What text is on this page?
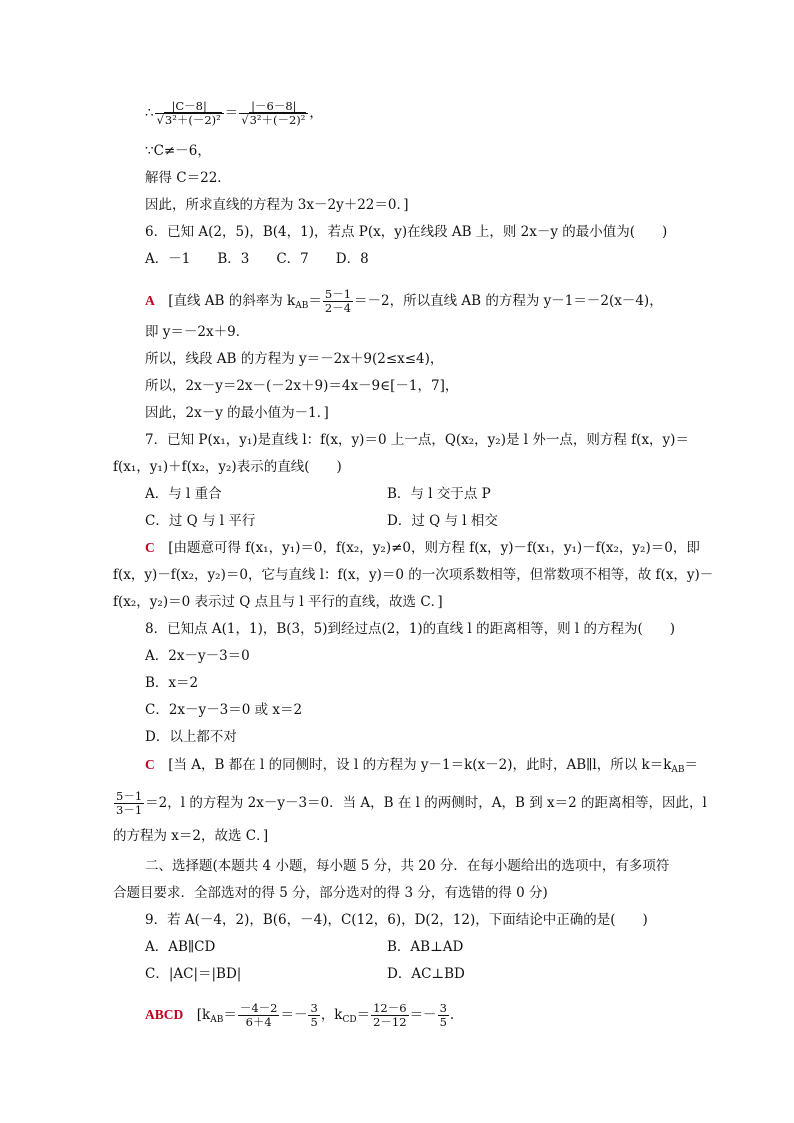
∴ $\frac{|C-8|}{\text{√3²＋(－2)²}} = \frac{|-6-8|}{\text{√3²＋(－2)²}}$ ，
∵C≠－6，
解得 C＝22．
因此，所求直线的方程为 3x－2y＋22＝0．]
6．已知 A(2，5)，B(4，1)，若点 P(x，y)在线段 AB 上，则 2x－y 的最小值为(　　)
A．－1　　B．3　　C．7　　D．8
A　 [直线 AB 的斜率为 $k_{AB}= \frac{5-1}{2-4} =-2$，所以直线 AB 的方程为 y－1＝－2(x－4)，
即 y＝－2x＋9．
所以，线段 AB 的方程为 y＝－2x＋9(2≤x≤4)，
所以，2x－y＝2x－(－2x＋9)＝4x－9∈[－1，7]，
因此，2x－y 的最小值为－1．]
7．已知 P(x₁，y₁)是直线 l：f(x，y)＝0 上一点，Q(x₂，y₂)是 l 外一点，则方程 f(x，y)＝
f(x₁，y₁)＋f(x₂，y₂)表示的直线(　　)
A．与 l 重合	B．与 l 交于点 P
C．过 Q 与 l 平行	D．过 Q 与 l 相交
C　 [由题意可得 f(x₁，y₁)＝0，f(x₂，y₂)≠0，则方程 f(x，y)－f(x₁，y₁)－f(x₂，y₂)＝0，即
f(x，y)－f(x₂，y₂)＝0，它与直线 l：f(x，y)＝0 的一次项系数相等，但常数项不相等，故 f(x，y)－
f(x₂，y₂)＝0 表示过 Q 点且与 l 平行的直线，故选 C．]
8．已知点 A(1，1)，B(3，5)到经过点(2，1)的直线 l 的距离相等，则 l 的方程为(　　)
A．2x－y－3＝0
B．x＝2
C．2x－y－3＝0 或 x＝2
D．以上都不对
C　 [当 A，B 都在 l 的同侧时，设 l 的方程为 y－1＝k(x－2)，此时，AB∥l，所以 $k=k_{AB}=$
$\frac{5-1}{3-1} =2$，l 的方程为 2x－y－3＝0．当 A，B 在 l 的两侧时，A，B 到 x＝2 的距离相等，因此，l
的方程为 x＝2，故选 C．]
二、选择题(本题共 4 小题，每小题 5 分，共 20 分．在每小题给出的选项中，有多项符
合题目要求．全部选对的得 5 分，部分选对的得 3 分，有选错的得 0 分)
9．若 A(－4，2)，B(6，－4)，C(12，6)，D(2，12)，下面结论中正确的是(　　)
A．AB∥CD	B．AB⊥AD
C．|AC|＝|BD|	D．AC⊥BD
ABCD　 [$k_{AB}= \frac{-4-2}{6+4} =- \frac{3}{5}$ ，$k_{CD}= \frac{12-6}{2-12} =- \frac{3}{5}$ .
